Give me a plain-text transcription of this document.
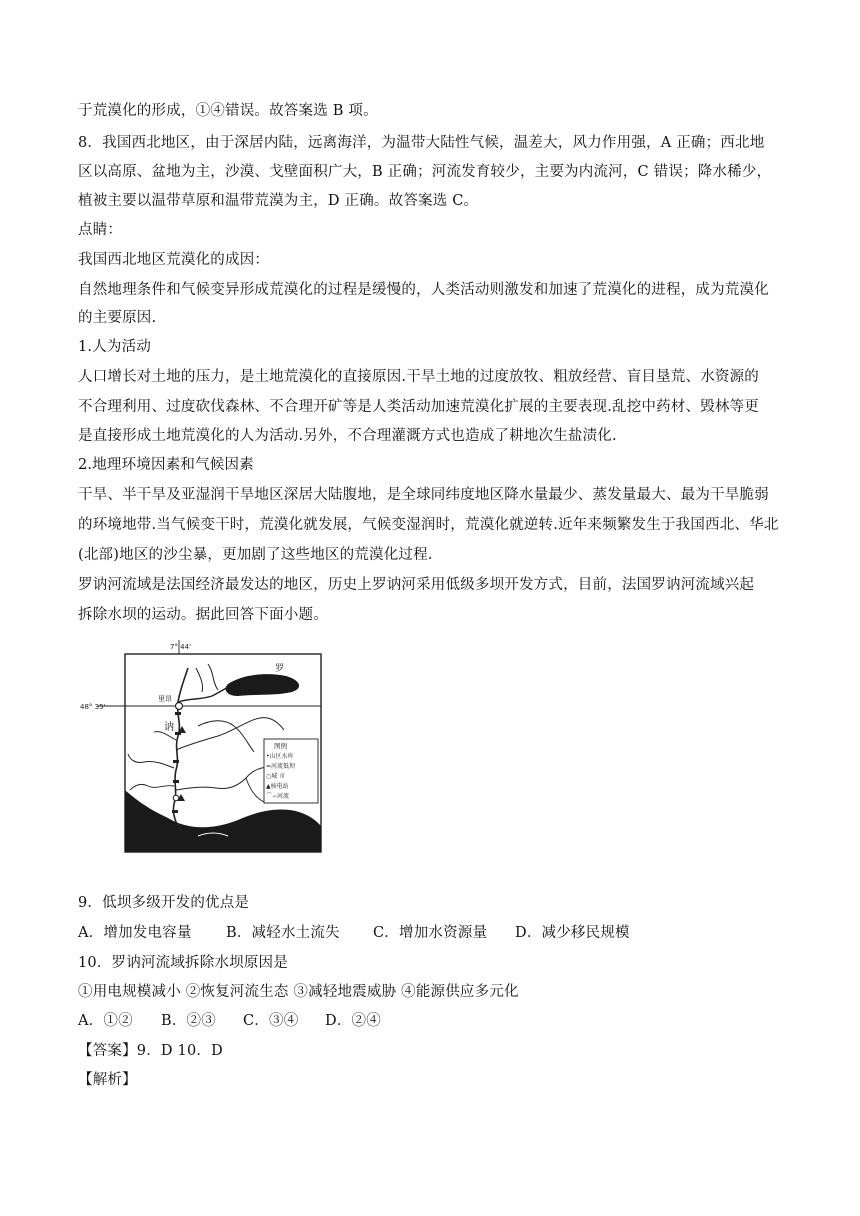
于荒漠化的形成，①④错误。故答案选 B 项。
8．我国西北地区，由于深居内陆，远离海洋，为温带大陆性气候，温差大，风力作用强，A 正确；西北地
区以高原、盆地为主，沙漠、戈壁面积广大，B 正确；河流发育较少，主要为内流河，C 错误；降水稀少，
植被主要以温带草原和温带荒漠为主，D 正确。故答案选 C。
点睛：
我国西北地区荒漠化的成因：
自然地理条件和气候变异形成荒漠化的过程是缓慢的，人类活动则激发和加速了荒漠化的进程，成为荒漠化
的主要原因.
1.人为活动
人口增长对土地的压力，是土地荒漠化的直接原因.干旱土地的过度放牧、粗放经营、盲目垦荒、水资源的
不合理利用、过度砍伐森林、不合理开矿等是人类活动加速荒漠化扩展的主要表现.乱挖中药材、毁林等更
是直接形成土地荒漠化的人为活动.另外，不合理灌溉方式也造成了耕地次生盐渍化.
2.地理环境因素和气候因素
干旱、半干旱及亚湿润干旱地区深居大陆腹地，是全球同纬度地区降水量最少、蒸发量最大、最为干旱脆弱
的环境地带.当气候变干时，荒漠化就发展，气候变湿润时，荒漠化就逆转.近年来频繁发生于我国西北、华北
(北部)地区的沙尘暴，更加剧了这些地区的荒漠化过程.
罗讷河流域是法国经济最发达的地区，历史上罗讷河采用低级多坝开发方式，目前，法国罗讷河流域兴起
拆除水坝的运动。据此回答下面小题。
7° 44'
48° 35'
罗
里昂
讷
河
图例
•山区水库
=河流低坝
○城 市
▲核电站
⌒∽河流
9．低坝多级开发的优点是
A．增加发电容量 B．减轻水土流失 C．增加水资源量 D．减少移民规模
10．罗讷河流域拆除水坝原因是
①用电规模减小 ②恢复河流生态 ③减轻地震威胁 ④能源供应多元化
A．①② B．②③ C．③④ D．②④
【答案】9．D 10．D
【解析】
